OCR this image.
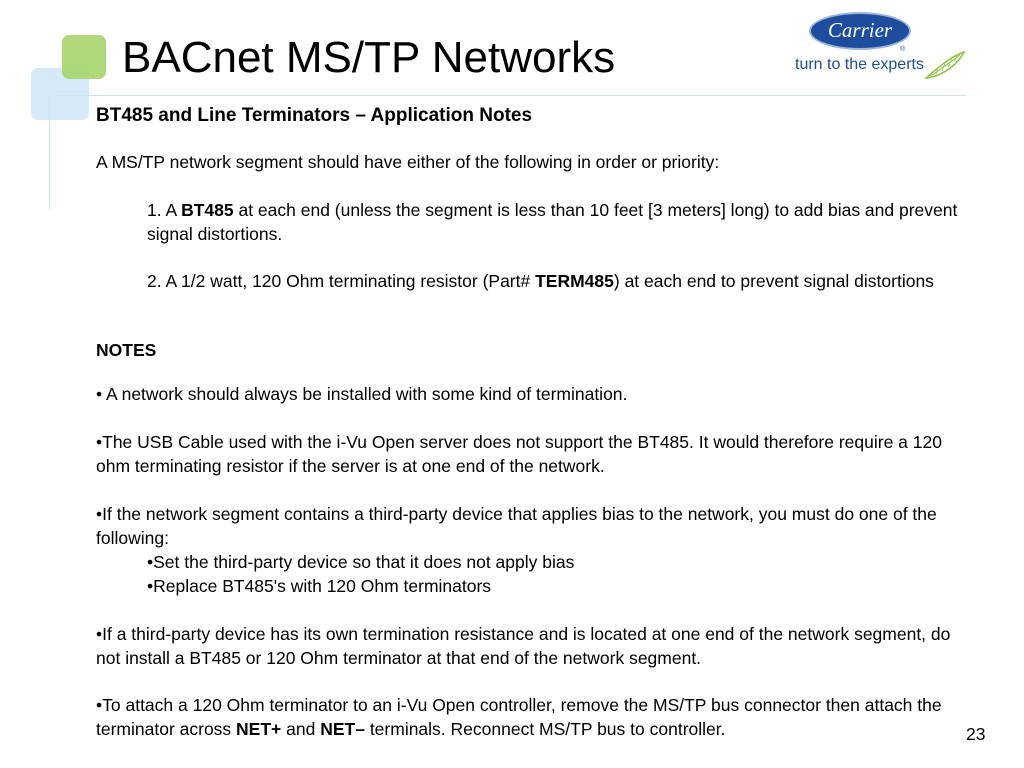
BACnet MS/TP Networks
Carrier
®
turn to the experts

BT485 and Line Terminators – Application Notes

A MS/TP network segment should have either of the following in order or priority:

1. A BT485 at each end (unless the segment is less than 10 feet [3 meters] long) to add bias and prevent signal distortions.

2. A 1/2 watt, 120 Ohm terminating resistor (Part# TERM485) at each end to prevent signal distortions

NOTES

• A network should always be installed with some kind of termination.

•The USB Cable used with the i-Vu Open server does not support the BT485. It would therefore require a 120 ohm terminating resistor if the server is at one end of the network.

•If the network segment contains a third-party device that applies bias to the network, you must do one of the following:

•Set the third-party device so that it does not apply bias

•Replace BT485's with 120 Ohm terminators

•If a third-party device has its own termination resistance and is located at one end of the network segment, do not install a BT485 or 120 Ohm terminator at that end of the network segment.

•To attach a 120 Ohm terminator to an i-Vu Open controller, remove the MS/TP bus connector then attach the terminator across NET+ and NET– terminals. Reconnect MS/TP bus to controller.	23
